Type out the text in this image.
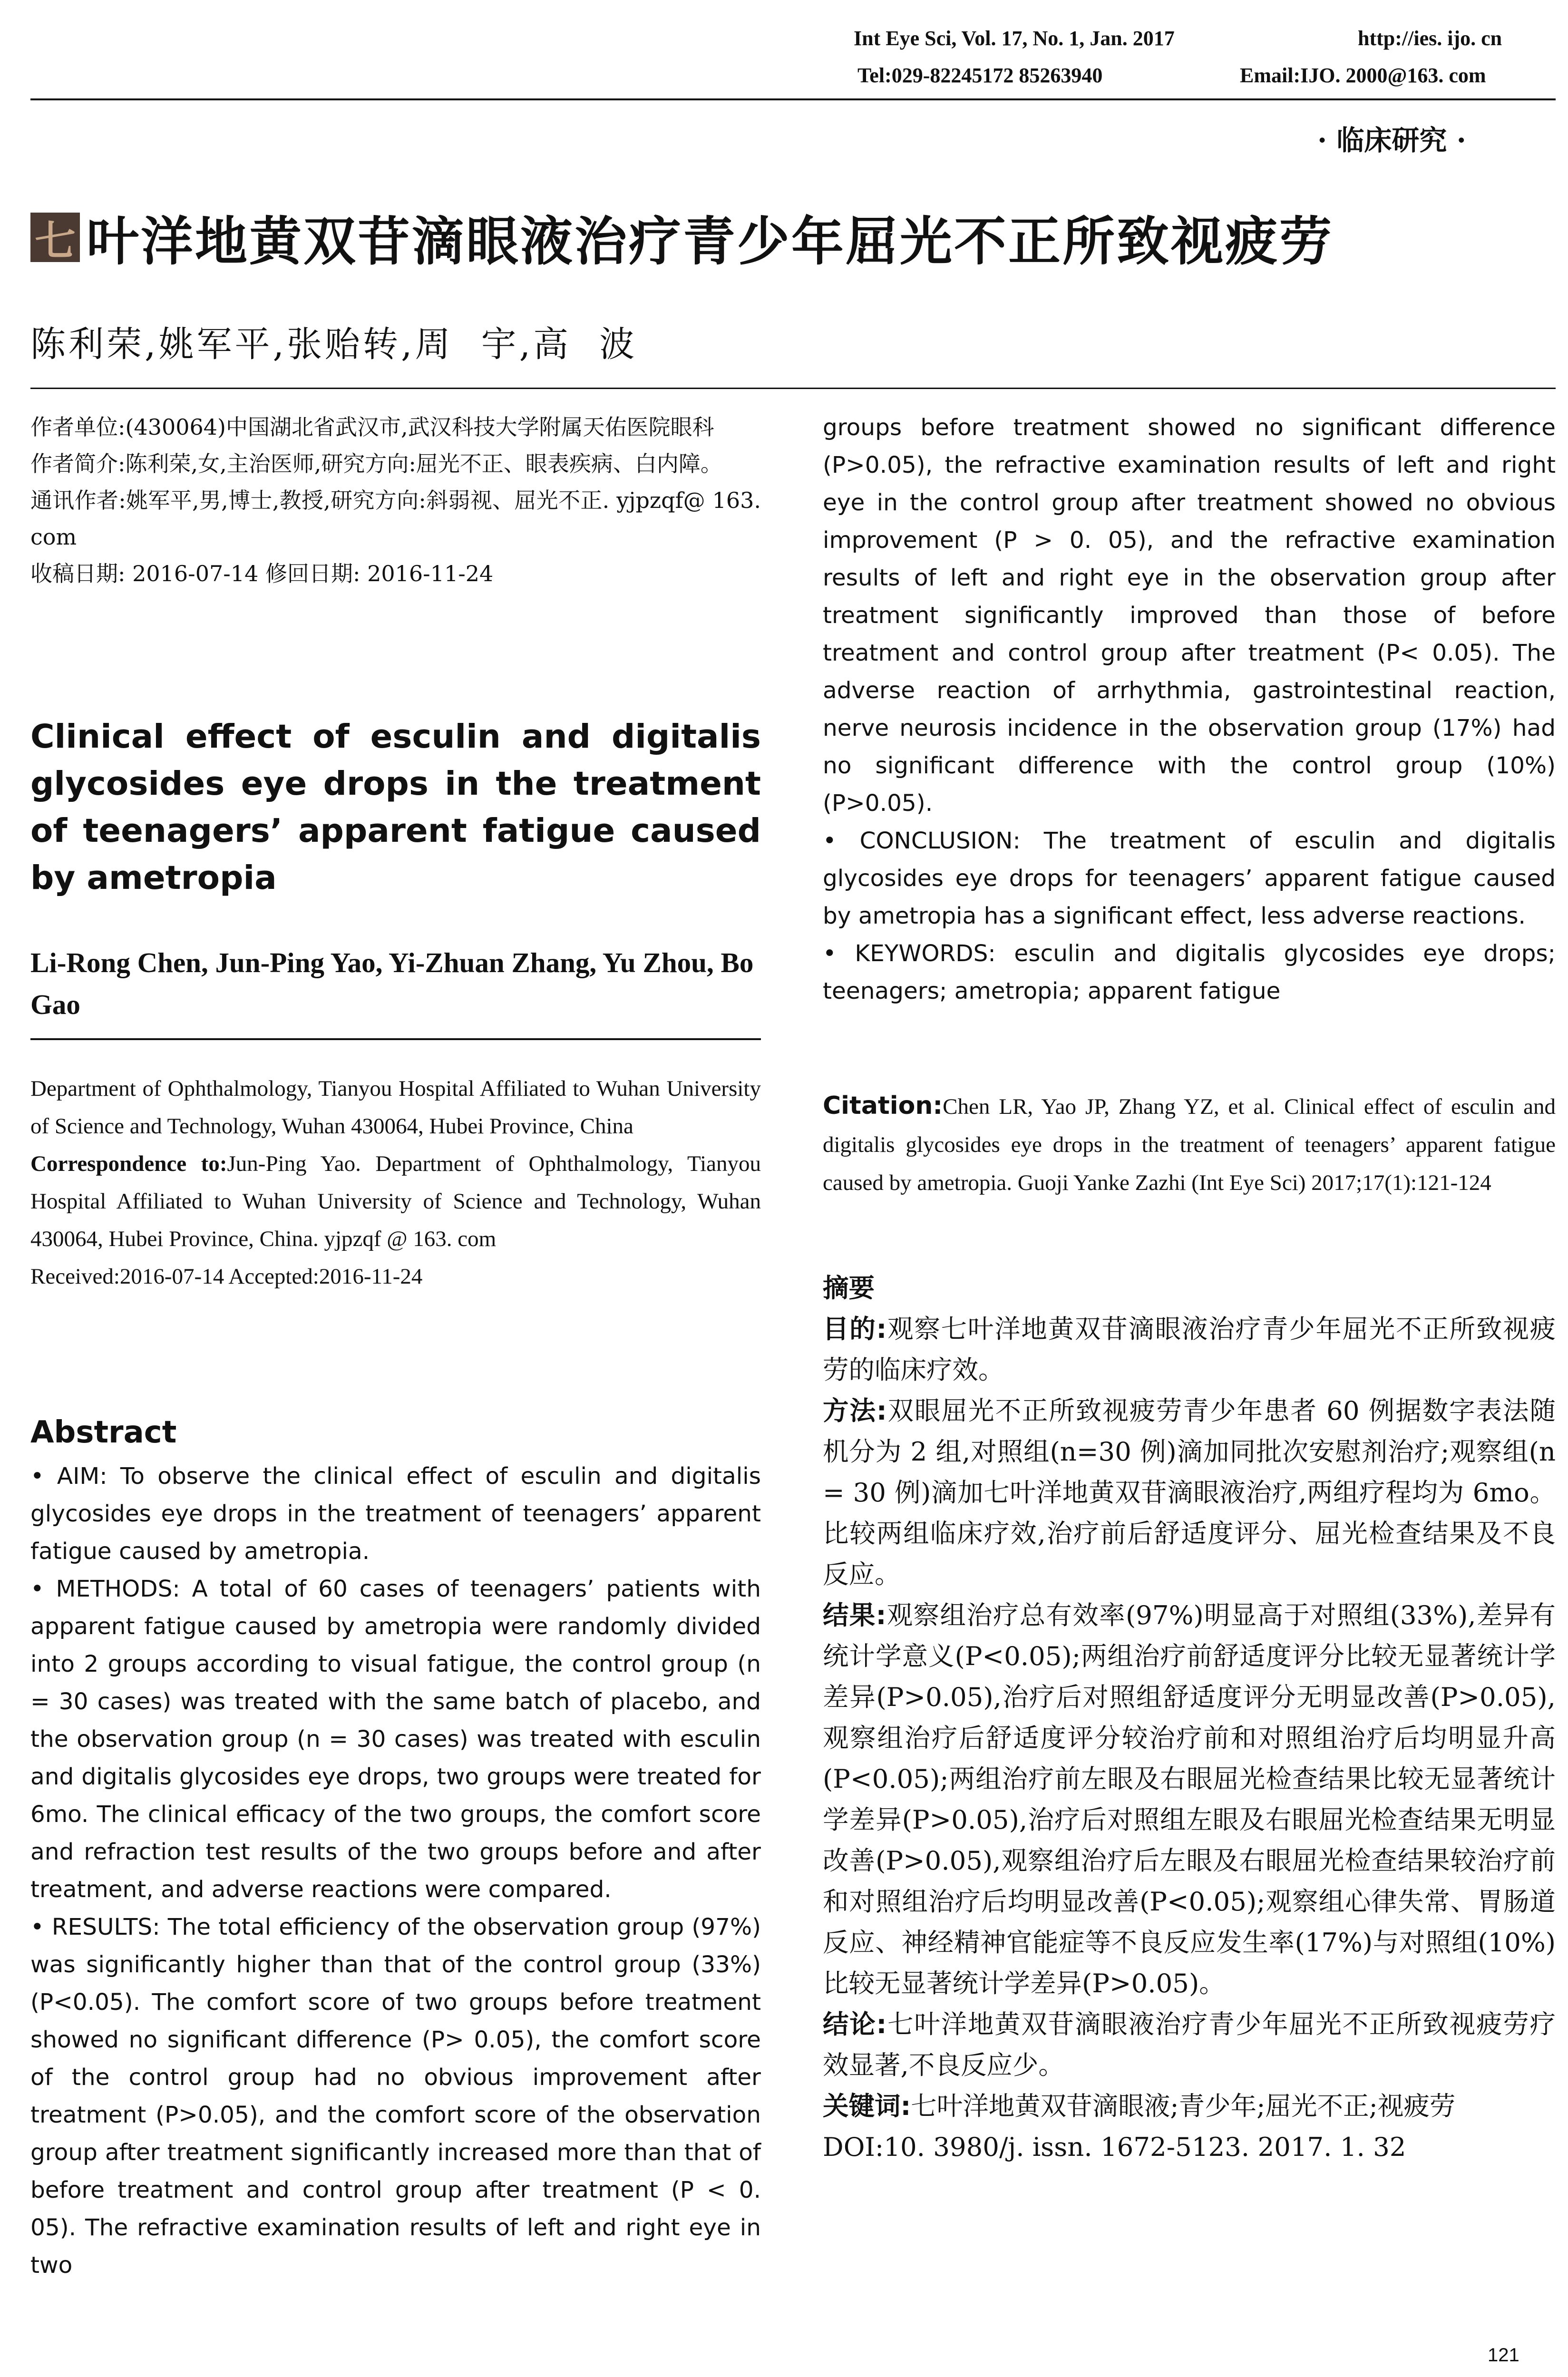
Int Eye Sci, Vol. 17, No. 1, Jan. 2017	http://ies. ijo. cn
Tel:029-82245172 85263940	Email:IJO. 2000@163. com
· 临床研究 ·
七 叶洋地黄双苷滴眼液治疗青少年屈光不正所致视疲劳
陈利荣,姚军平,张贻转,周  宇,高  波

作者单位:(430064)中国湖北省武汉市,武汉科技大学附属天佑医院眼科

作者简介:陈利荣,女,主治医师,研究方向:屈光不正、眼表疾病、白内障。

通讯作者:姚军平,男,博士,教授,研究方向:斜弱视、屈光不正. yjpzqf@ 163. com

收稿日期: 2016-07-14 修回日期: 2016-11-24

Clinical effect of esculin and digitalis glycosides eye drops in the treatment of teenagers’ apparent fatigue caused by ametropia
Li-Rong Chen, Jun-Ping Yao, Yi-Zhuan Zhang, Yu Zhou, Bo Gao

Department of Ophthalmology, Tianyou Hospital Affiliated to Wuhan University of Science and Technology, Wuhan 430064, Hubei Province, China

Correspondence to:Jun-Ping Yao. Department of Ophthalmology, Tianyou Hospital Affiliated to Wuhan University of Science and Technology, Wuhan 430064, Hubei Province, China. yjpzqf @ 163. com

Received:2016-07-14 Accepted:2016-11-24

Abstract

• AIM: To observe the clinical effect of esculin and digitalis glycosides eye drops in the treatment of teenagers’ apparent fatigue caused by ametropia.

• METHODS: A total of 60 cases of teenagers’ patients with apparent fatigue caused by ametropia were randomly divided into 2 groups according to visual fatigue, the control group (n = 30 cases) was treated with the same batch of placebo, and the observation group (n = 30 cases) was treated with esculin and digitalis glycosides eye drops, two groups were treated for 6mo. The clinical efficacy of the two groups, the comfort score and refraction test results of the two groups before and after treatment, and adverse reactions were compared.

• RESULTS: The total efficiency of the observation group (97%) was significantly higher than that of the control group (33%) (P<0.05). The comfort score of two groups before treatment showed no significant difference (P> 0.05), the comfort score of the control group had no obvious improvement after treatment (P>0.05), and the comfort score of the observation group after treatment significantly increased more than that of before treatment and control group after treatment (P < 0. 05). The refractive examination results of left and right eye in two

groups before treatment showed no significant difference (P>0.05), the refractive examination results of left and right eye in the control group after treatment showed no obvious improvement (P > 0. 05), and the refractive examination results of left and right eye in the observation group after treatment significantly improved than those of before treatment and control group after treatment (P< 0.05). The adverse reaction of arrhythmia, gastrointestinal reaction, nerve neurosis incidence in the observation group (17%) had no significant difference with the control group (10%) (P>0.05).

• CONCLUSION: The treatment of esculin and digitalis glycosides eye drops for teenagers’ apparent fatigue caused by ametropia has a significant effect, less adverse reactions.

• KEYWORDS: esculin and digitalis glycosides eye drops; teenagers; ametropia; apparent fatigue

Citation:Chen LR, Yao JP, Zhang YZ, et al. Clinical effect of esculin and digitalis glycosides eye drops in the treatment of teenagers’ apparent fatigue caused by ametropia. Guoji Yanke Zazhi (Int Eye Sci) 2017;17(1):121-124

摘要

目的:观察七叶洋地黄双苷滴眼液治疗青少年屈光不正所致视疲劳的临床疗效。

方法:双眼屈光不正所致视疲劳青少年患者 60 例据数字表法随机分为 2 组,对照组(n=30 例)滴加同批次安慰剂治疗;观察组(n = 30 例)滴加七叶洋地黄双苷滴眼液治疗,两组疗程均为 6mo。比较两组临床疗效,治疗前后舒适度评分、屈光检查结果及不良反应。

结果:观察组治疗总有效率(97%)明显高于对照组(33%),差异有统计学意义(P<0.05);两组治疗前舒适度评分比较无显著统计学差异(P>0.05),治疗后对照组舒适度评分无明显改善(P>0.05),观察组治疗后舒适度评分较治疗前和对照组治疗后均明显升高(P<0.05);两组治疗前左眼及右眼屈光检查结果比较无显著统计学差异(P>0.05),治疗后对照组左眼及右眼屈光检查结果无明显改善(P>0.05),观察组治疗后左眼及右眼屈光检查结果较治疗前和对照组治疗后均明显改善(P<0.05);观察组心律失常、胃肠道反应、神经精神官能症等不良反应发生率(17%)与对照组(10%)比较无显著统计学差异(P>0.05)。

结论:七叶洋地黄双苷滴眼液治疗青少年屈光不正所致视疲劳疗效显著,不良反应少。

关键词:七叶洋地黄双苷滴眼液;青少年;屈光不正;视疲劳

DOI:10. 3980/j. issn. 1672-5123. 2017. 1. 32

121
